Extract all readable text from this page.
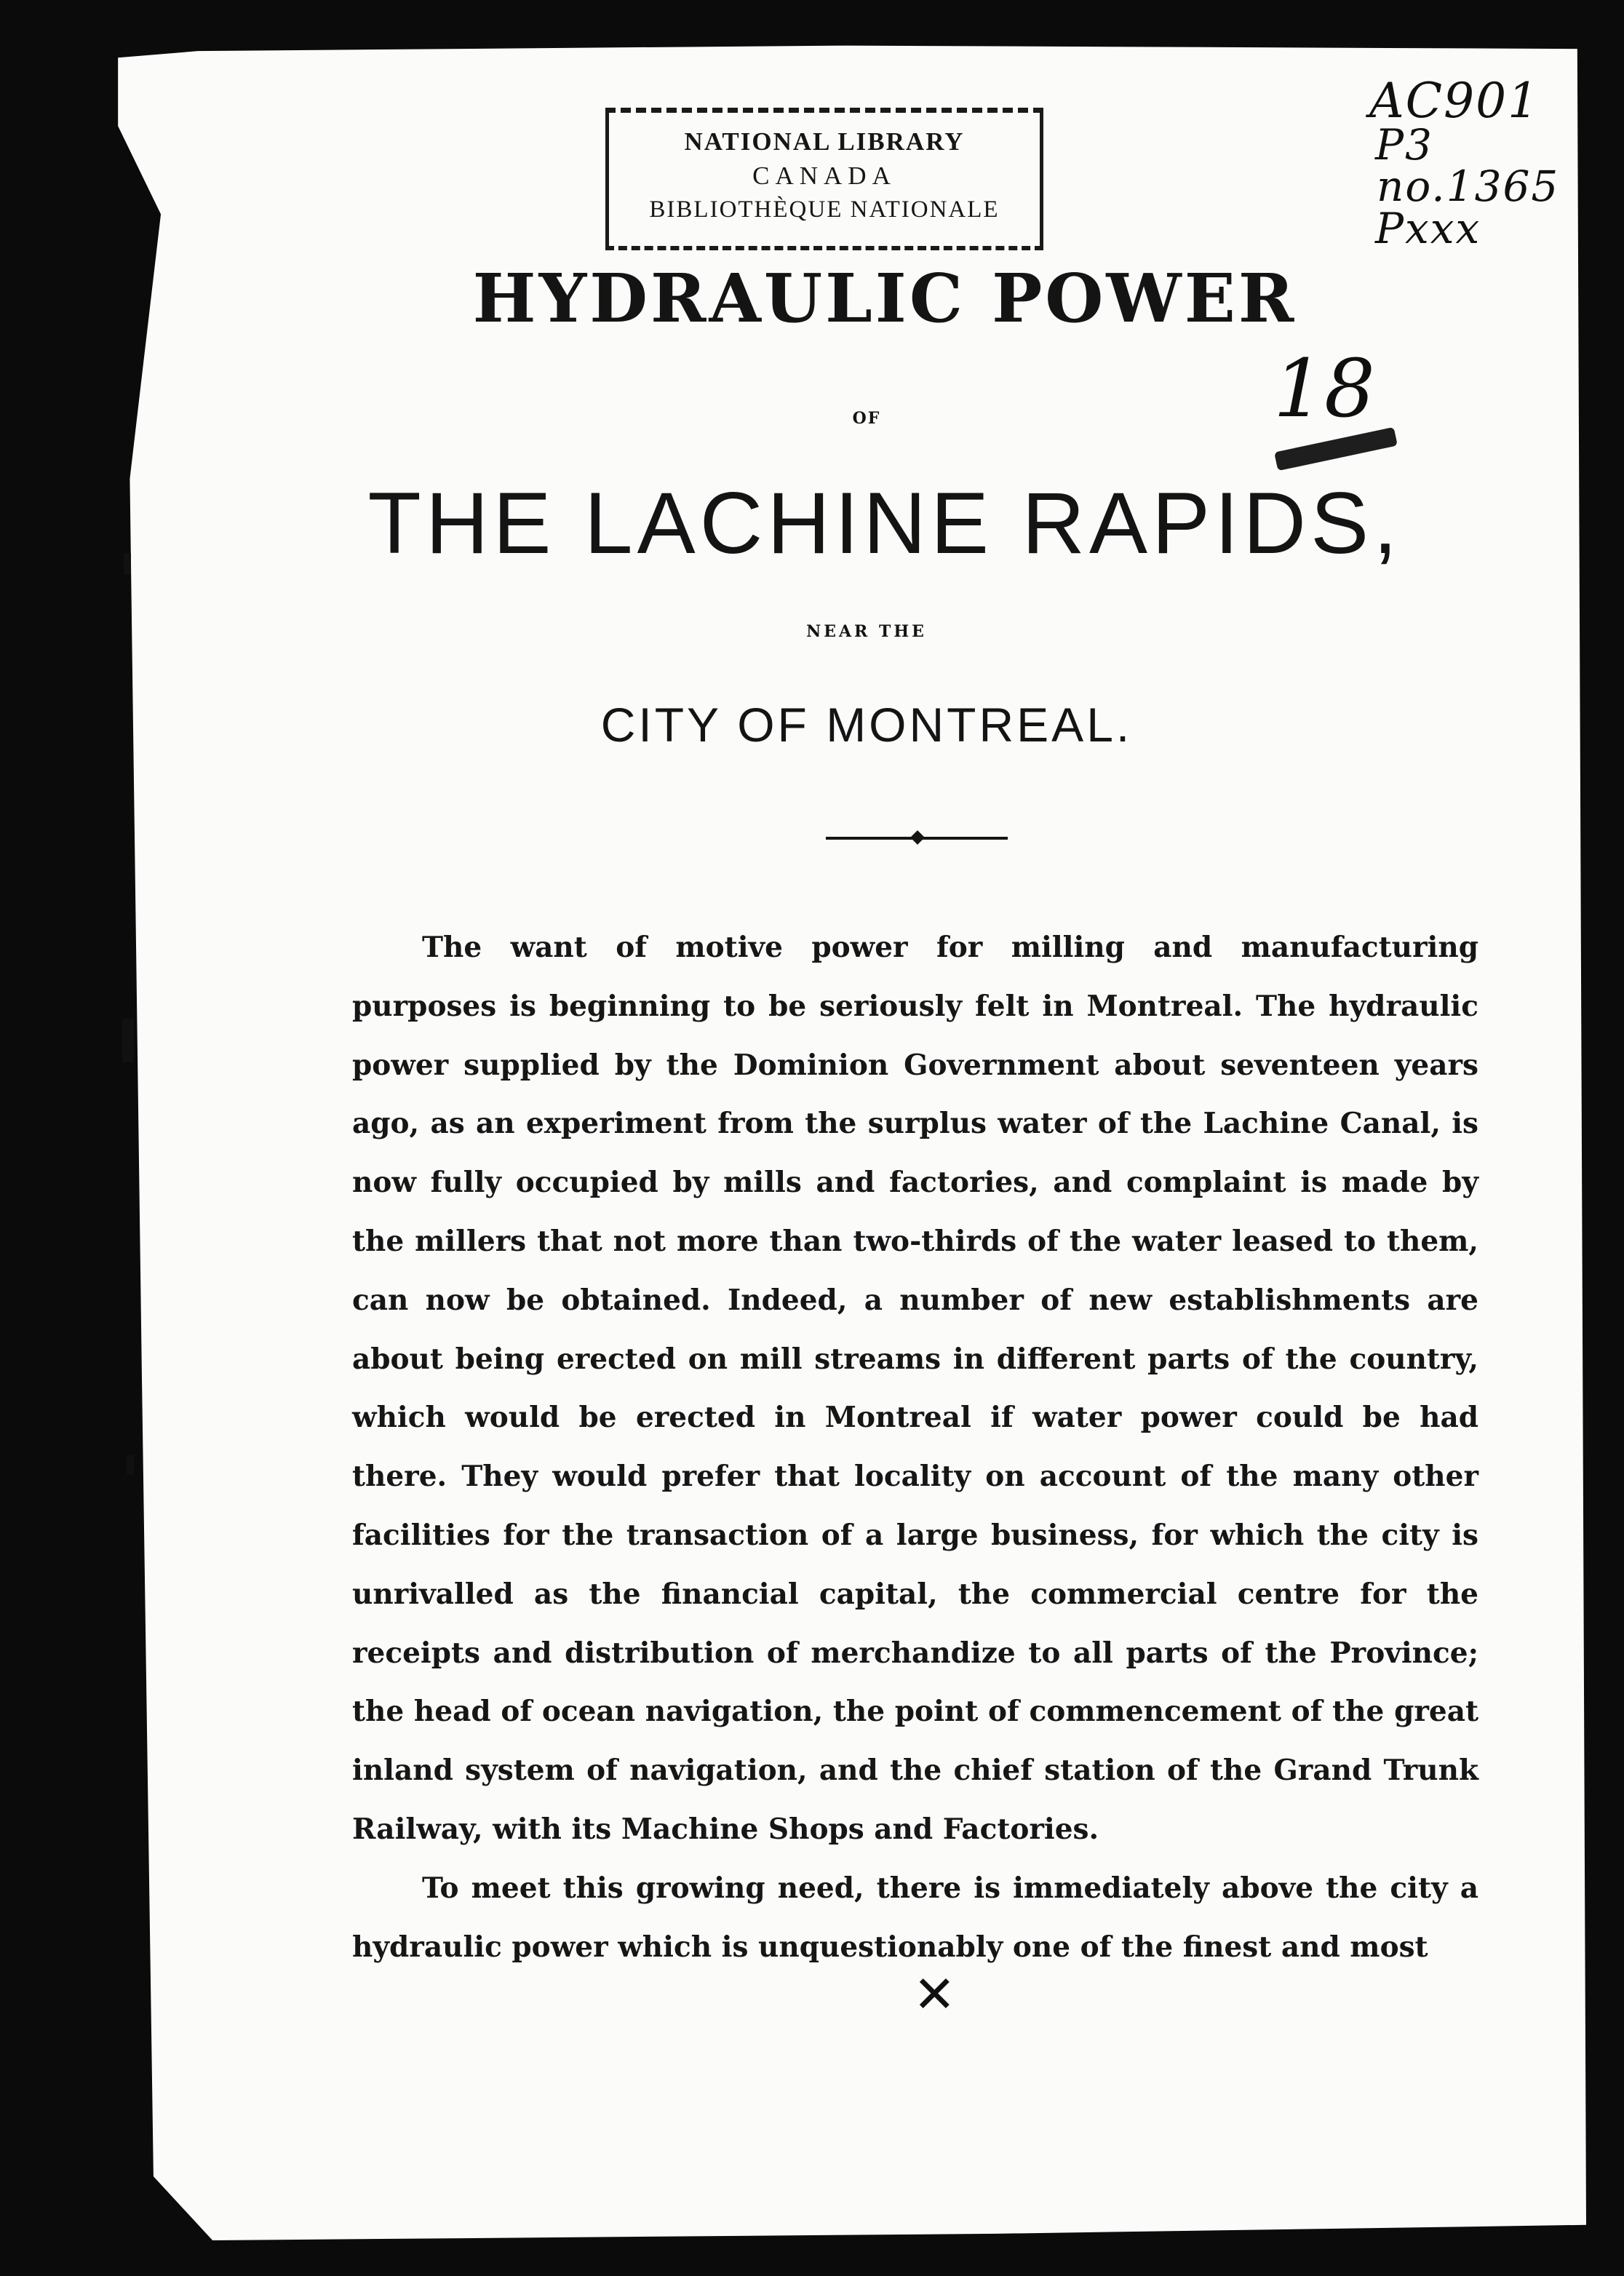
NATIONAL LIBRARY
CANADA
BIBLIOTHÈQUE NATIONALE
AC901
P3
no.1365
Pxxx
18
HYDRAULIC POWER
OF
THE LACHINE RAPIDS,
NEAR THE
CITY OF MONTREAL.

The want of motive power for milling and manufacturing purposes is beginning to be seriously felt in Montreal. The hydraulic power supplied by the Dominion Government about seventeen years ago, as an experiment from the surplus water of the Lachine Canal, is now fully occupied by mills and factories, and complaint is made by the millers that not more than two-thirds of the water leased to them, can now be obtained. Indeed, a number of new establishments are about being erected on mill streams in different parts of the country, which would be erected in Montreal if water power could be had there. They would prefer that locality on account of the many other facilities for the transaction of a large business, for which the city is unrivalled as the financial capital, the commercial centre for the receipts and distribution of merchandize to all parts of the Province; the head of ocean navigation, the point of commencement of the great inland system of navigation, and the chief station of the Grand Trunk Railway, with its Machine Shops and Factories.

To meet this growing need, there is immediately above the city a hydraulic power which is unquestionably one of the finest and most

✕
